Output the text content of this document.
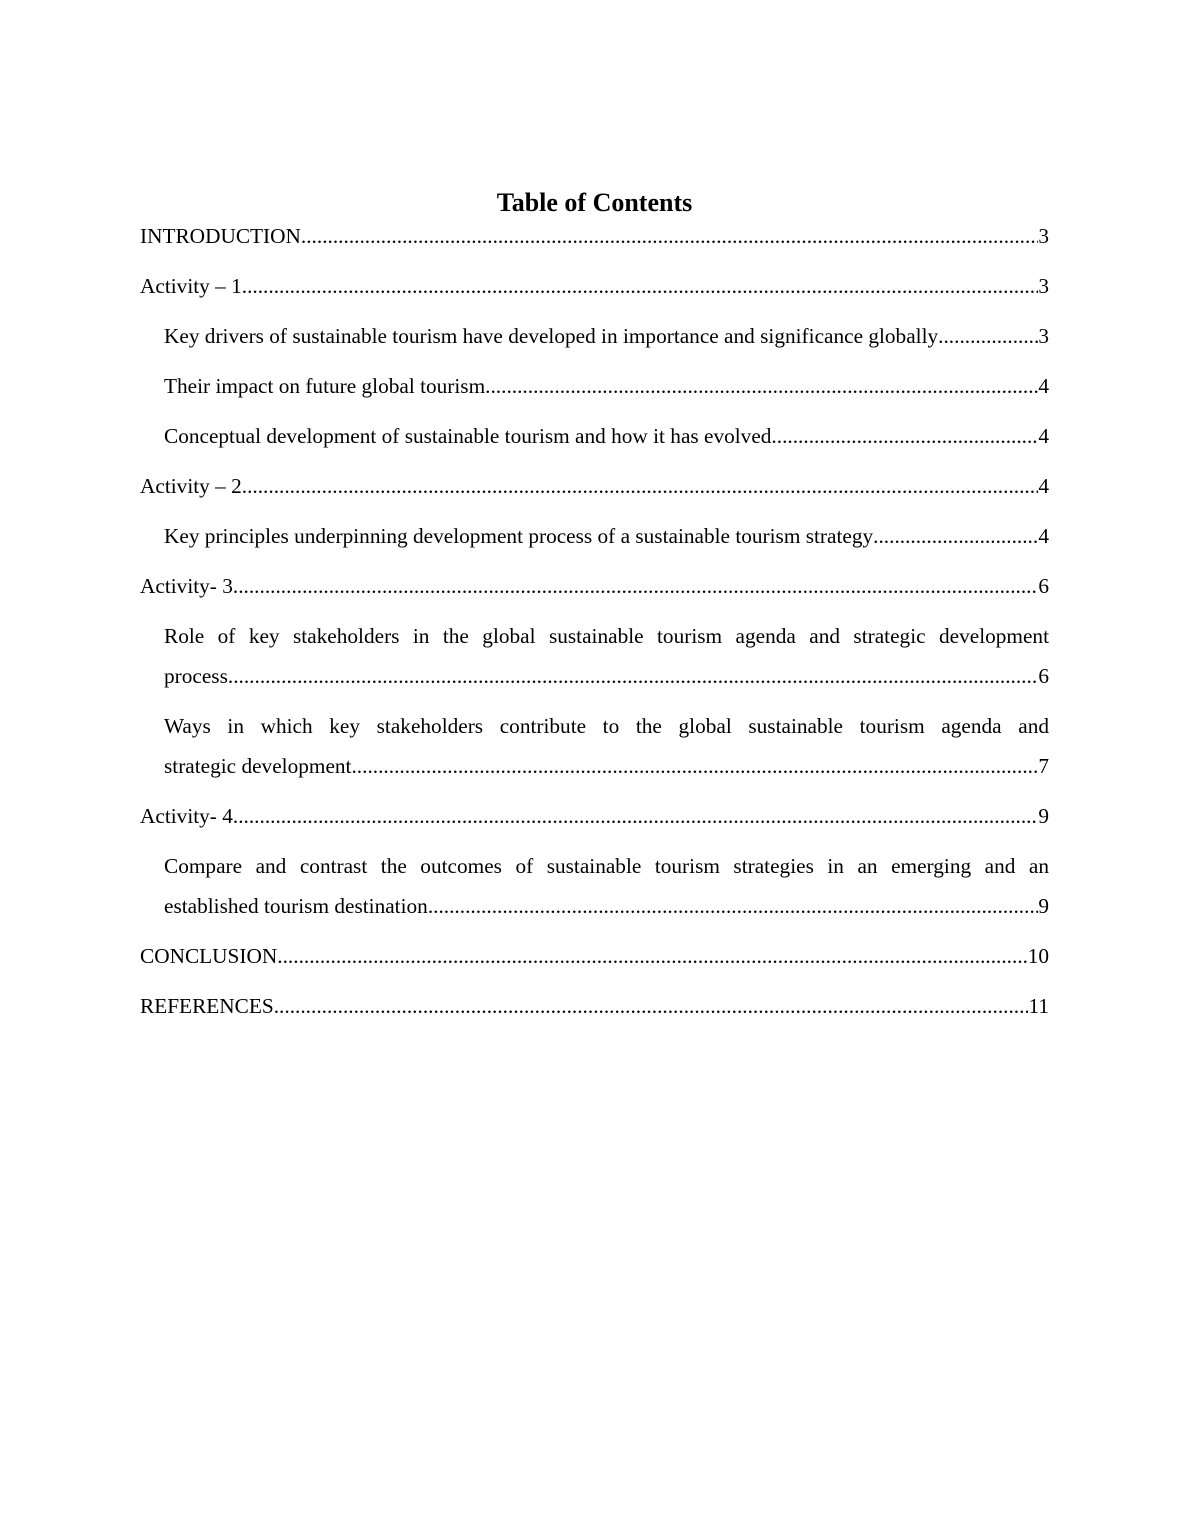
Table of Contents
INTRODUCTION .....	3
Activity – 1 .....	3
Key drivers of sustainable tourism have developed in importance and significance globally .....	3
Their impact on future global tourism .....	4
Conceptual development of sustainable tourism and how it has evolved .....	4
Activity – 2 .....	4
Key principles underpinning development process of a sustainable tourism strategy .....	4
Activity- 3 .....	6
Role of key stakeholders in the global sustainable tourism agenda and strategic development
process .....	6
Ways in which key stakeholders contribute to the global sustainable tourism agenda and
strategic development .....	7
Activity- 4 .....	9
Compare and contrast the outcomes of sustainable tourism strategies in an emerging and an
established tourism destination .....	9
CONCLUSION .....	10
REFERENCES .....	11
